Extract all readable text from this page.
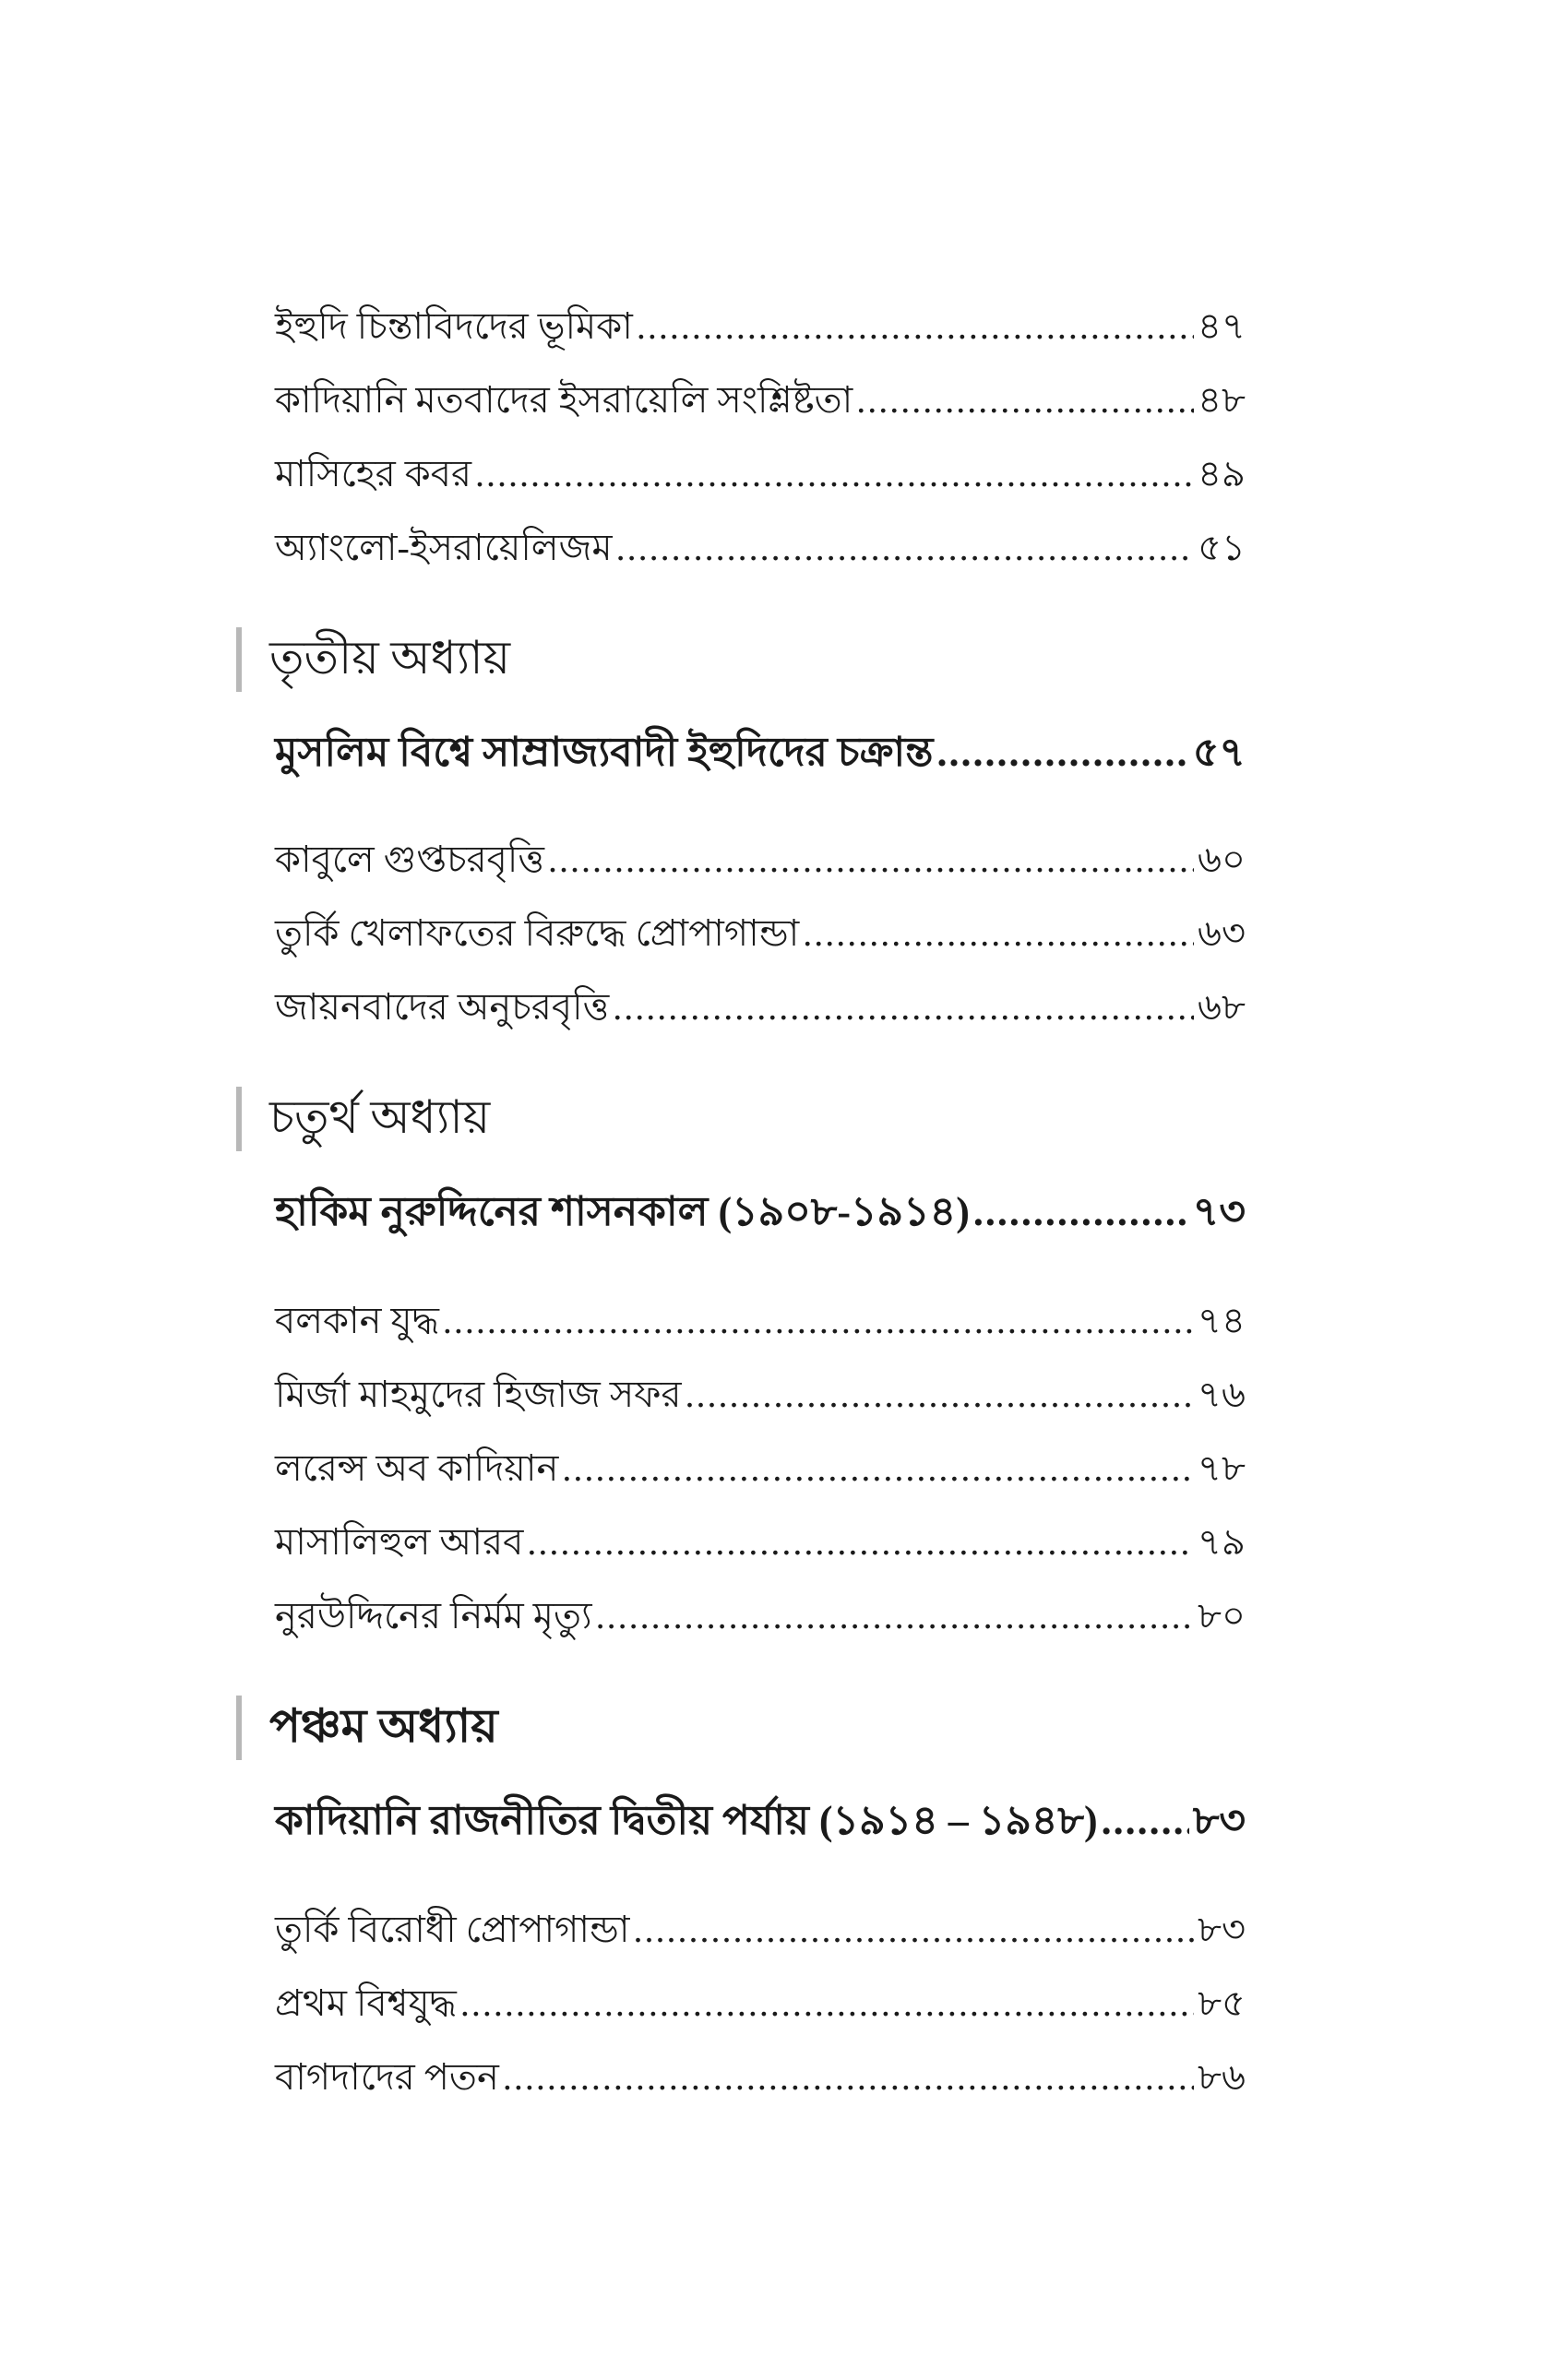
ইহুদি চিন্তাবিদদের ভূমিকা .....	৪৭
কাদিয়ানি মতবাদের ইসরায়েলি সংশ্লিষ্টতা .....	৪৮
মাসিহের কবর .....	৪৯
অ্যাংলো-ইসরায়েলিজম .....	৫১
তৃতীয় অধ্যায়
মুসলিম বিশ্বে সাম্রাজ্যবাদী ইহুদিদের চক্রান্ত .....	৫৭
কাবুলে গুপ্তচরবৃত্তি .....	৬০
তুর্কি খেলাফতের বিরুদ্ধে প্রোপাগান্ডা .....	৬৩
জায়নবাদের অনুচরবৃত্তি .....	৬৮
চতুর্থ অধ্যায়
হাকিম নুরুদ্দিনের শাসনকাল (১৯০৮-১৯১৪) .....	৭৩
বলকান যুদ্ধ .....	৭৪
মির্জা মাহমুদের হিজাজ সফর .....	৭৬
লরেন্স অব কাদিয়ান .....	৭৮
মাসালিহুল আরব .....	৭৯
নুরউদ্দিনের নির্মম মৃত্যু .....	৮০
পঞ্চম অধ্যায়
কাদিয়ানি রাজনীতির দ্বিতীয় পর্যায় (১৯১৪ – ১৯৪৮) ..... ৮৩
তুর্কি বিরোধী প্রোপাগান্ডা .....	৮৩
প্রথম বিশ্বযুদ্ধ .....	৮৫
বাগদাদের পতন .....	৮৬
